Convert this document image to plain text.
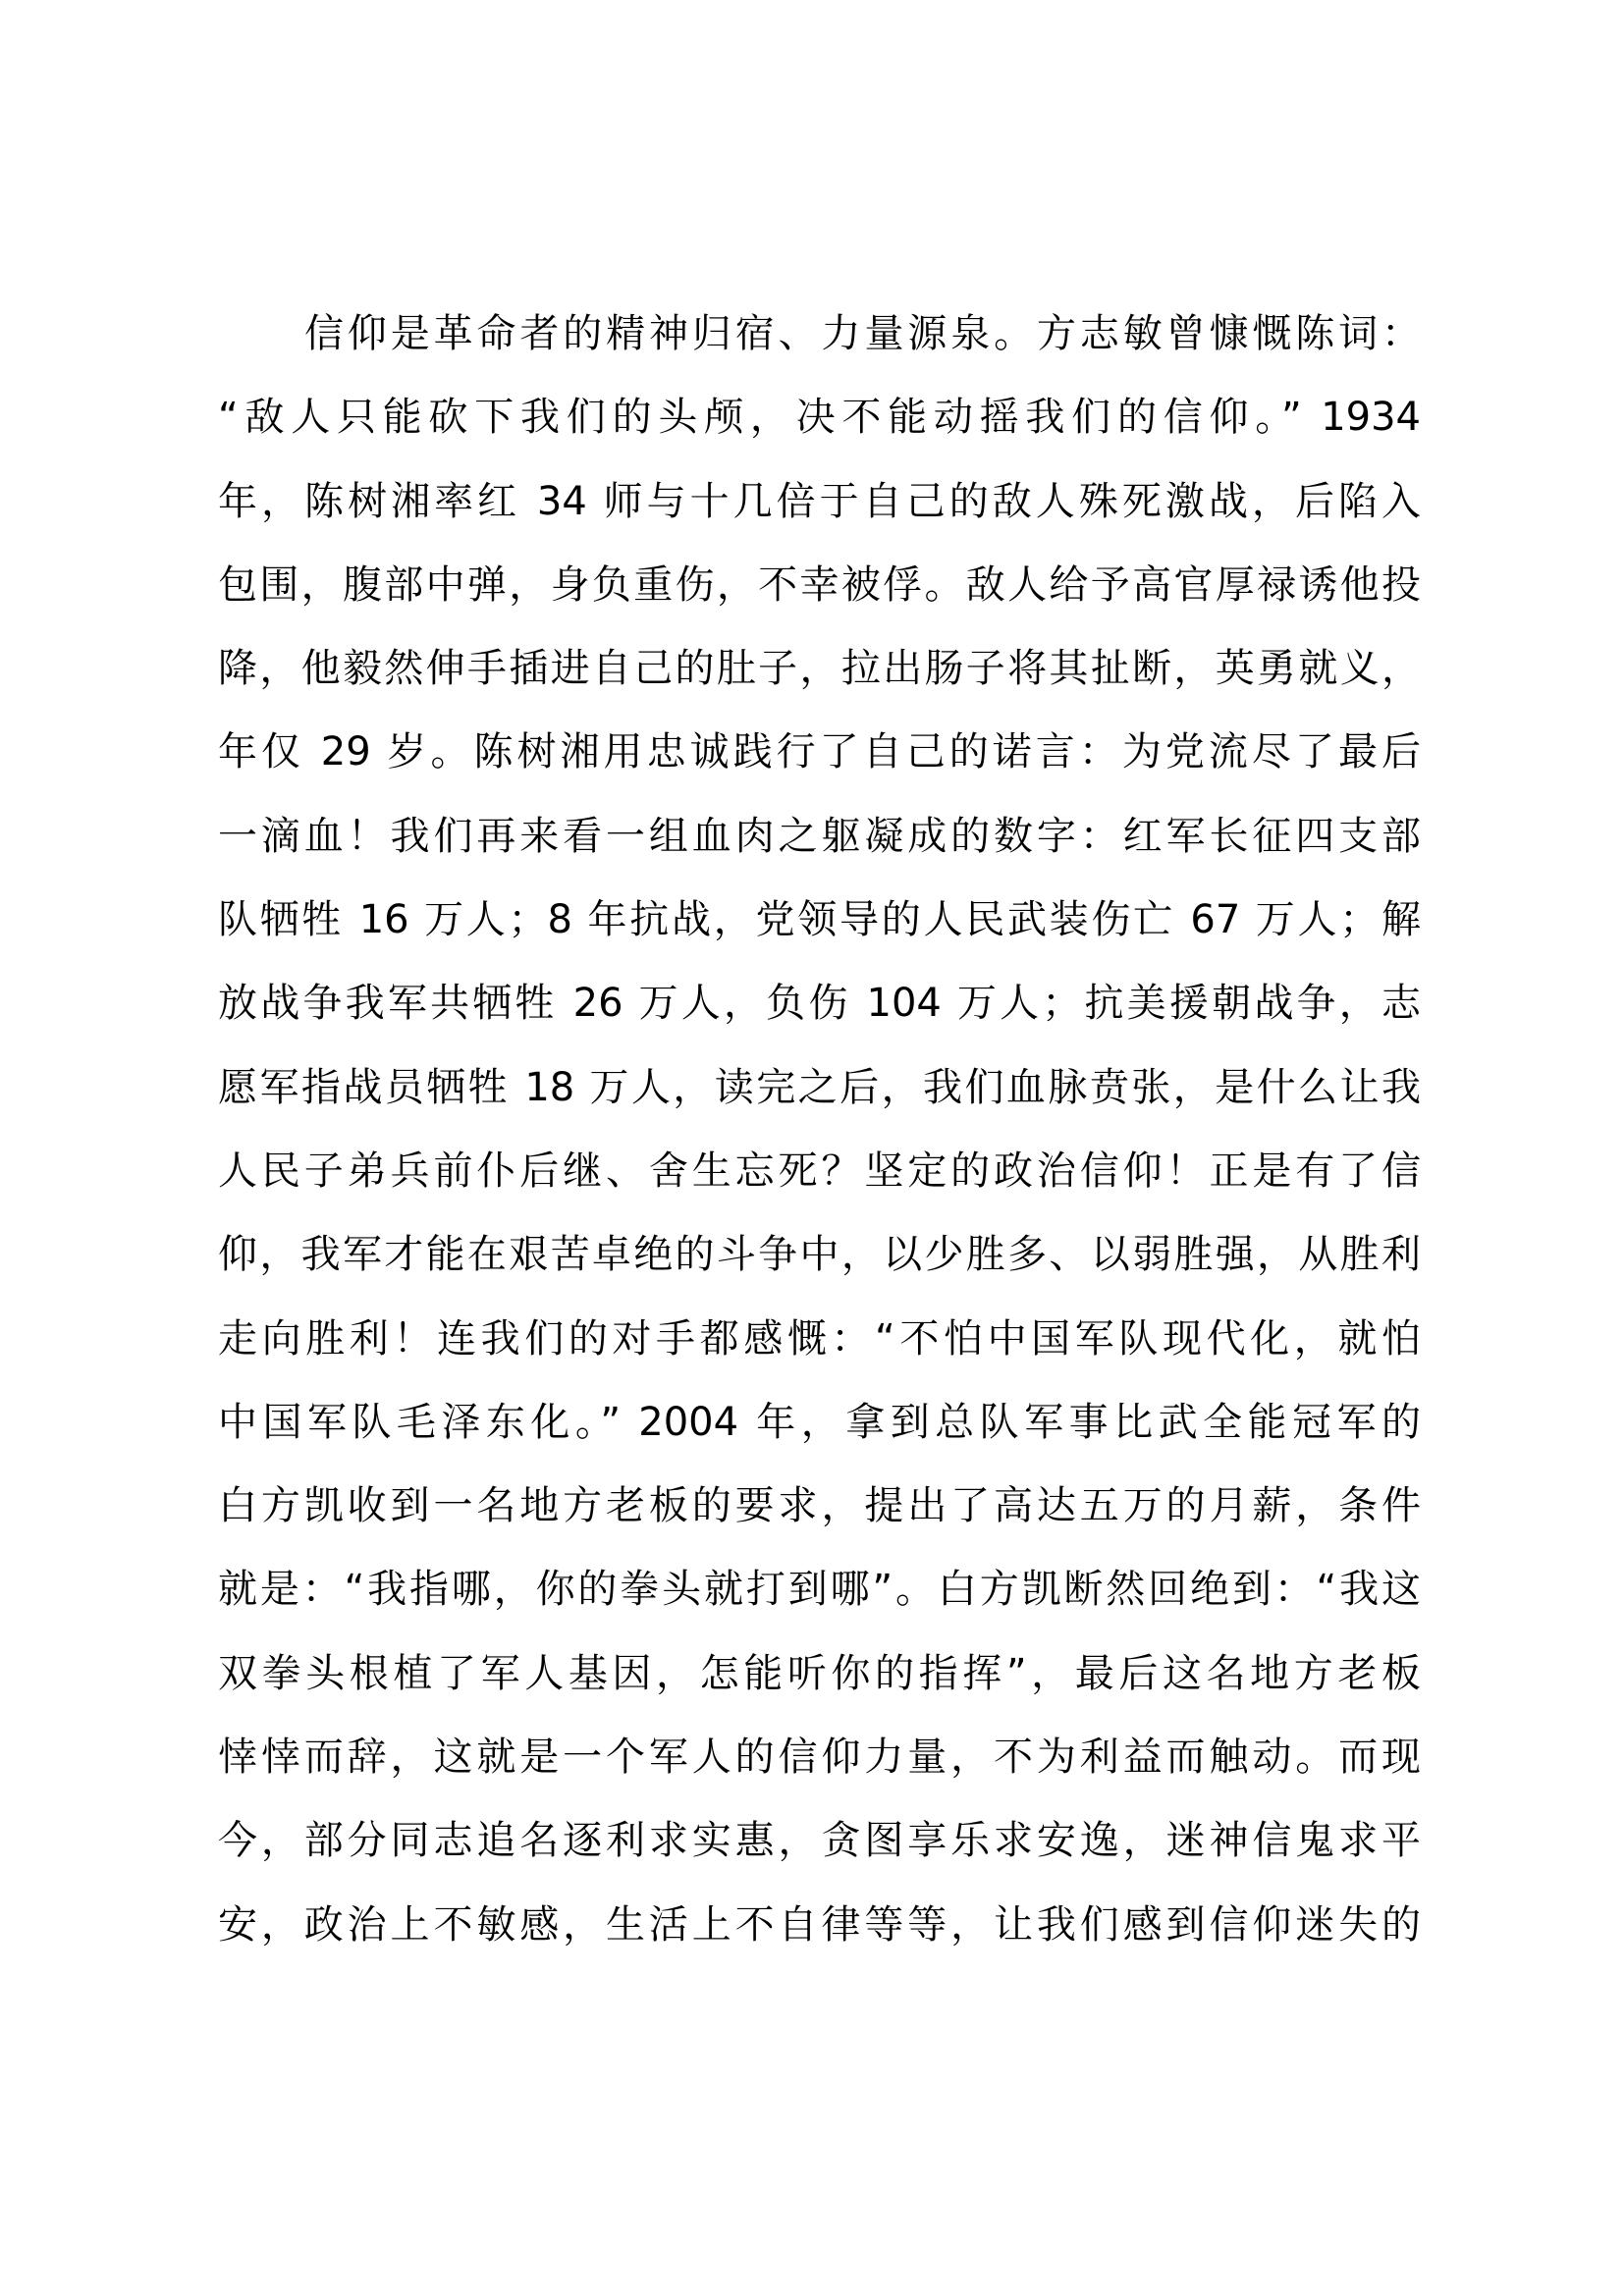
信仰是革命者的精神归宿、力量源泉。方志敏曾慷慨陈词：
“敌人只能砍下我们的头颅，决不能动摇我们的信仰。” 1934
年，陈树湘率红 34 师与十几倍于自己的敌人殊死激战，后陷入
包围，腹部中弹，身负重伤，不幸被俘。敌人给予高官厚禄诱他投
降，他毅然伸手插进自己的肚子，拉出肠子将其扯断，英勇就义，
年仅 29 岁。陈树湘用忠诚践行了自己的诺言：为党流尽了最后
一滴血！我们再来看一组血肉之躯凝成的数字：红军长征四支部
队牺牲 16 万人；8 年抗战，党领导的人民武装伤亡 67 万人；解
放战争我军共牺牲 26 万人，负伤 104 万人；抗美援朝战争，志
愿军指战员牺牲 18 万人，读完之后，我们血脉贲张，是什么让我
人民子弟兵前仆后继、舍生忘死？坚定的政治信仰！正是有了信
仰，我军才能在艰苦卓绝的斗争中，以少胜多、以弱胜强，从胜利
走向胜利！连我们的对手都感慨：“不怕中国军队现代化，就怕
中国军队毛泽东化。” 2004 年，拿到总队军事比武全能冠军的
白方凯收到一名地方老板的要求，提出了高达五万的月薪，条件
就是：“我指哪，你的拳头就打到哪”。白方凯断然回绝到：“我这
双拳头根植了军人基因，怎能听你的指挥”，最后这名地方老板
悻悻而辞，这就是一个军人的信仰力量，不为利益而触动。而现
今，部分同志追名逐利求实惠，贪图享乐求安逸，迷神信鬼求平
安，政治上不敏感，生活上不自律等等，让我们感到信仰迷失的
